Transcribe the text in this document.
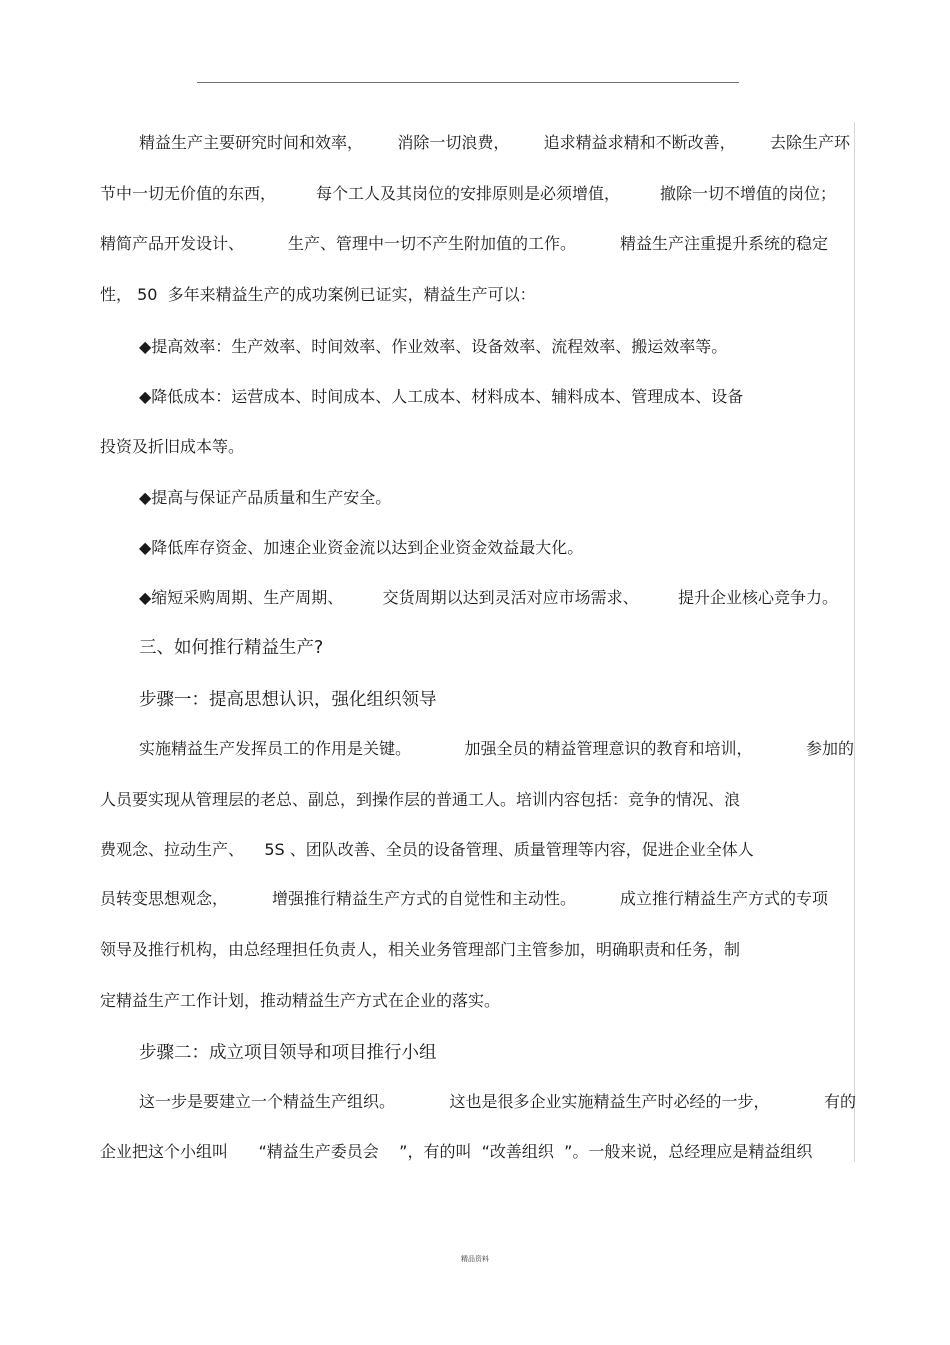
精益生产主要研究时间和效率， 消除一切浪费， 追求精益求精和不断改善， 去除生产环
节中一切无价值的东西， 每个工人及其岗位的安排原则是必须增值， 撤除一切不增值的岗位；
精简产品开发设计、	生产、管理中一切不产生附加值的工作。	精益生产注重提升系统的稳定
性， 50  多年来精益生产的成功案例已证实，精益生产可以：
◆提高效率：生产效率、时间效率、作业效率、设备效率、流程效率、搬运效率等。
◆降低成本：运营成本、时间成本、人工成本、材料成本、辅料成本、管理成本、设备
投资及折旧成本等。
◆提高与保证产品质量和生产安全。
◆降低库存资金、加速企业资金流以达到企业资金效益最大化。
◆缩短采购周期、生产周期、 交货周期以达到灵活对应市场需求、 提升企业核心竞争力。
三、如何推行精益生产?
步骤一：提高思想认识，强化组织领导
实施精益生产发挥员工的作用是关键。	加强全员的精益管理意识的教育和培训，	参加的
人员要实现从管理层的老总、副总，到操作层的普通工人。培训内容包括：竞争的情况、浪
费观念、拉动生产、    5S 、团队改善、全员的设备管理、质量管理等内容，促进企业全体人
员转变思想观念，	增强推行精益生产方式的自觉性和主动性。	成立推行精益生产方式的专项
领导及推行机构，由总经理担任负责人，相关业务管理部门主管参加，明确职责和任务，制
定精益生产工作计划，推动精益生产方式在企业的落实。
步骤二：成立项目领导和项目推行小组
这一步是要建立一个精益生产组织。	这也是很多企业实施精益生产时必经的一步，	有的
企业把这个小组叫      “精益生产委员会    ”，有的叫  “改善组织  ”。一般来说，总经理应是精益组织
精品资料
